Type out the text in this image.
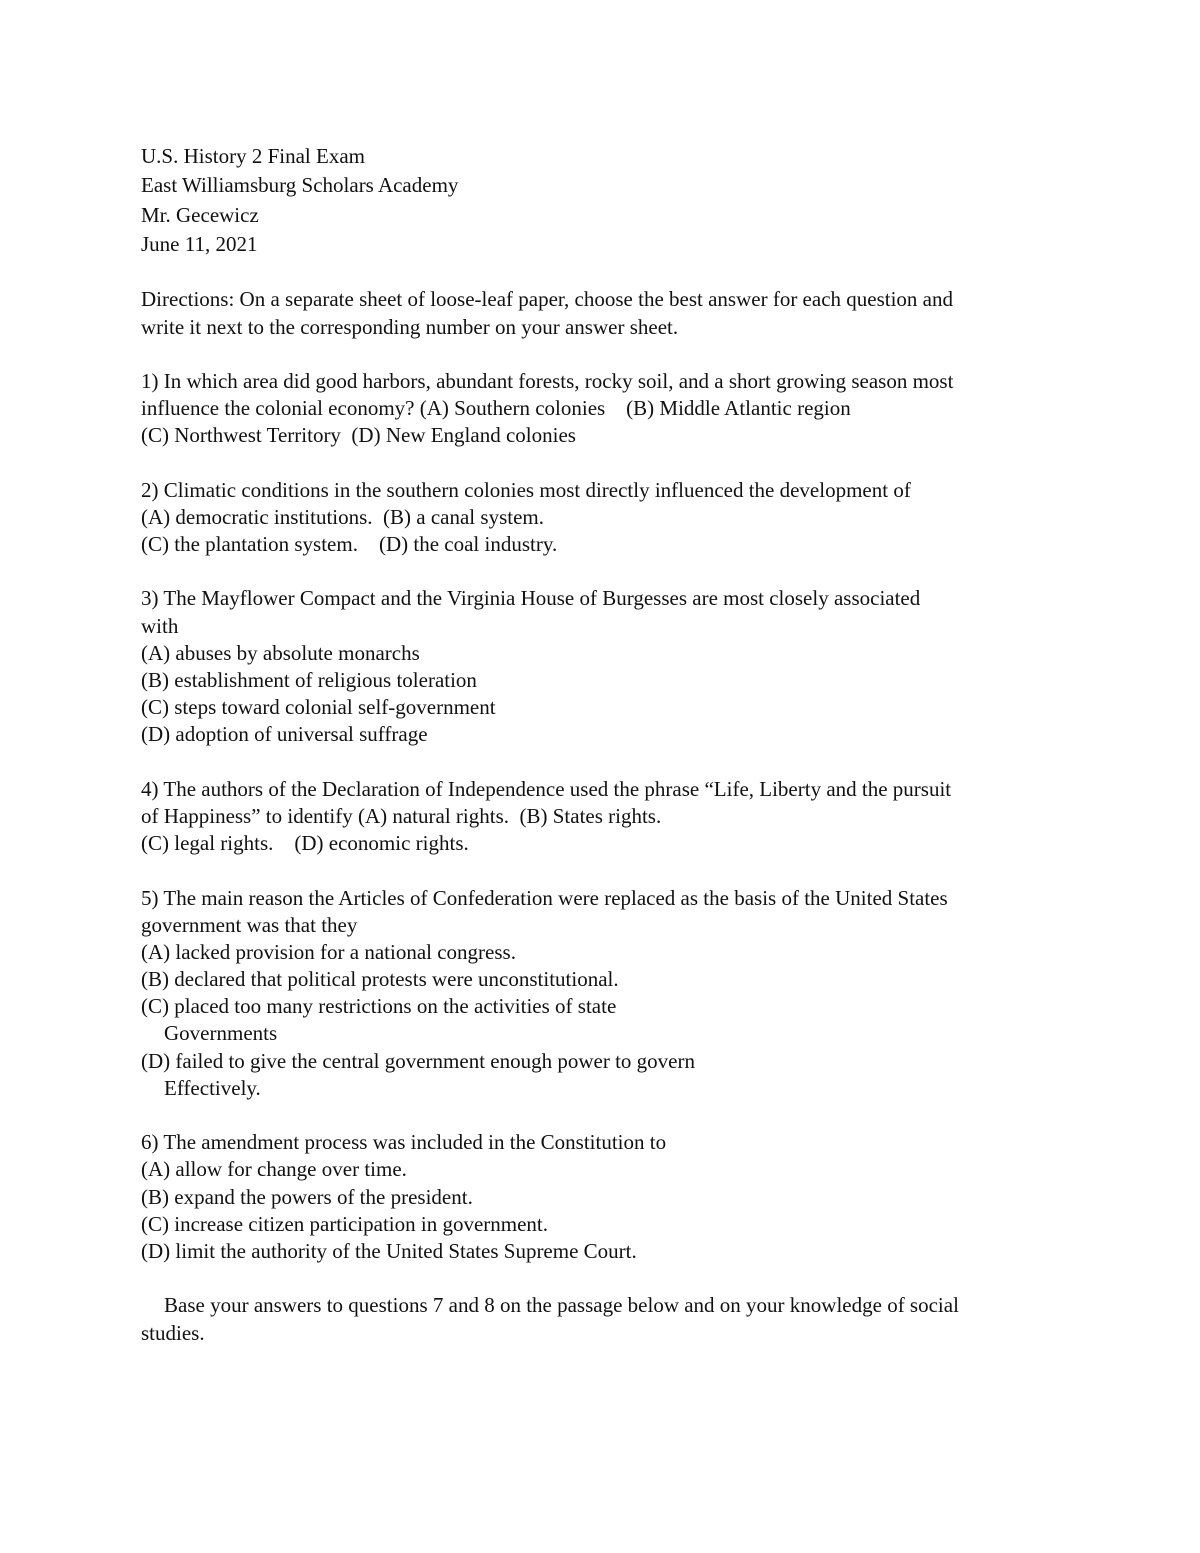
U.S. History 2 Final Exam
East Williamsburg Scholars Academy
Mr. Gecewicz
June 11, 2021
Directions: On a separate sheet of loose-leaf paper, choose the best answer for each question and
write it next to the corresponding number on your answer sheet.
1) In which area did good harbors, abundant forests, rocky soil, and a short growing season most
influence the colonial economy? (A) Southern colonies    (B) Middle Atlantic region
(C) Northwest Territory  (D) New England colonies
2) Climatic conditions in the southern colonies most directly influenced the development of
(A) democratic institutions.  (B) a canal system.
(C) the plantation system.    (D) the coal industry.
3) The Mayflower Compact and the Virginia House of Burgesses are most closely associated
with
(A) abuses by absolute monarchs
(B) establishment of religious toleration
(C) steps toward colonial self-government
(D) adoption of universal suffrage
4) The authors of the Declaration of Independence used the phrase “Life, Liberty and the pursuit
of Happiness” to identify (A) natural rights.  (B) States rights.
(C) legal rights.    (D) economic rights.
5) The main reason the Articles of Confederation were replaced as the basis of the United States
government was that they
(A) lacked provision for a national congress.
(B) declared that political protests were unconstitutional.
(C) placed too many restrictions on the activities of state
Governments
(D) failed to give the central government enough power to govern
Effectively.
6) The amendment process was included in the Constitution to
(A) allow for change over time.
(B) expand the powers of the president.
(C) increase citizen participation in government.
(D) limit the authority of the United States Supreme Court.
Base your answers to questions 7 and 8 on the passage below and on your knowledge of social
studies.
